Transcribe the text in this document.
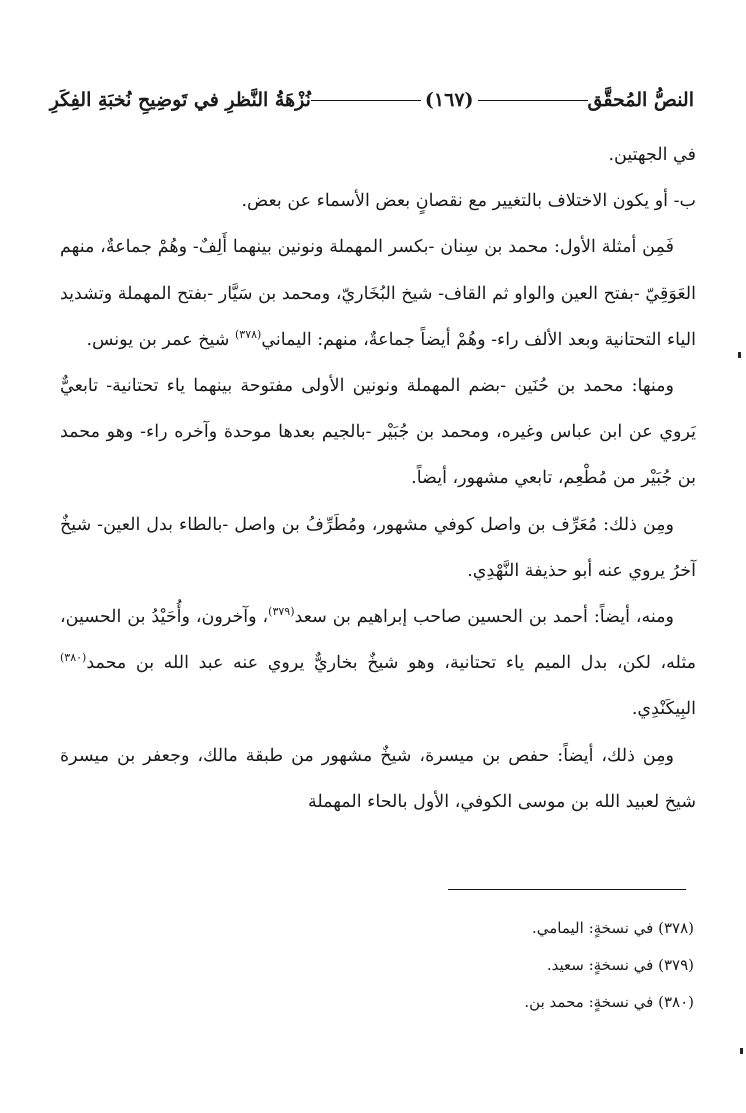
النصُّ المُحقَّق
(١٦٧)
نُزْهَةُ النَّظرِ في تَوضِيحِ نُخبَةِ الفِكَرِ

في الجهتين.

ب- أو يكون الاختلاف بالتغيير مع نقصانٍ بعض الأسماء عن بعض.

فَمِن أمثلة الأول: محمد بن سِنان -بكسر المهملة ونونين بينهما أَلِفٌ- وهُمْ جماعةٌ، منهم العَوَقِيّ -بفتح العين والواو ثم القاف- شيخ البُخَاريّ، ومحمد بن سَيَّار -بفتح المهملة وتشديد الياء التحتانية وبعد الألف راء- وهُمْ أيضاً جماعةٌ، منهم: اليماني$^{(٣٧٨)}$ شيخ عمر بن يونس.

ومنها: محمد بن حُنَين -بضم المهملة ونونين الأولى مفتوحة بينهما ياء تحتانية- تابعيٌّ يَروي عن ابن عباس وغيره، ومحمد بن جُبَيْر -بالجيم بعدها موحدة وآخره راء- وهو محمد بن جُبَيْر من مُطْعِم، تابعي مشهور، أيضاً.

ومِن ذلك: مُعَرِّف بن واصل كوفي مشهور، ومُطَرِّفُ بن واصل -بالطاء بدل العين- شيخٌ آخرُ يروي عنه أبو حذيفة النَّهْدِي.

ومنه، أيضاً: أحمد بن الحسين صاحب إبراهيم بن سعد$^{(٣٧٩)}$، وآخرون، وأُحَيْدُ بن الحسين، مثله، لكن، بدل الميم ياء تحتانية، وهو شيخٌ بخاريٌّ يروي عنه عبد الله بن محمد$^{(٣٨٠)}$ البِيكَنْدِي.

ومِن ذلك، أيضاً: حفص بن ميسرة، شيخٌ مشهور من طبقة مالك، وجعفر بن ميسرة شيخ لعبيد الله بن موسى الكوفي، الأول بالحاء المهملة

(٣٧٨) في نسخةٍ: اليمامي.
(٣٧٩) في نسخةٍ: سعيد.
(٣٨٠) في نسخةٍ: محمد بن.
